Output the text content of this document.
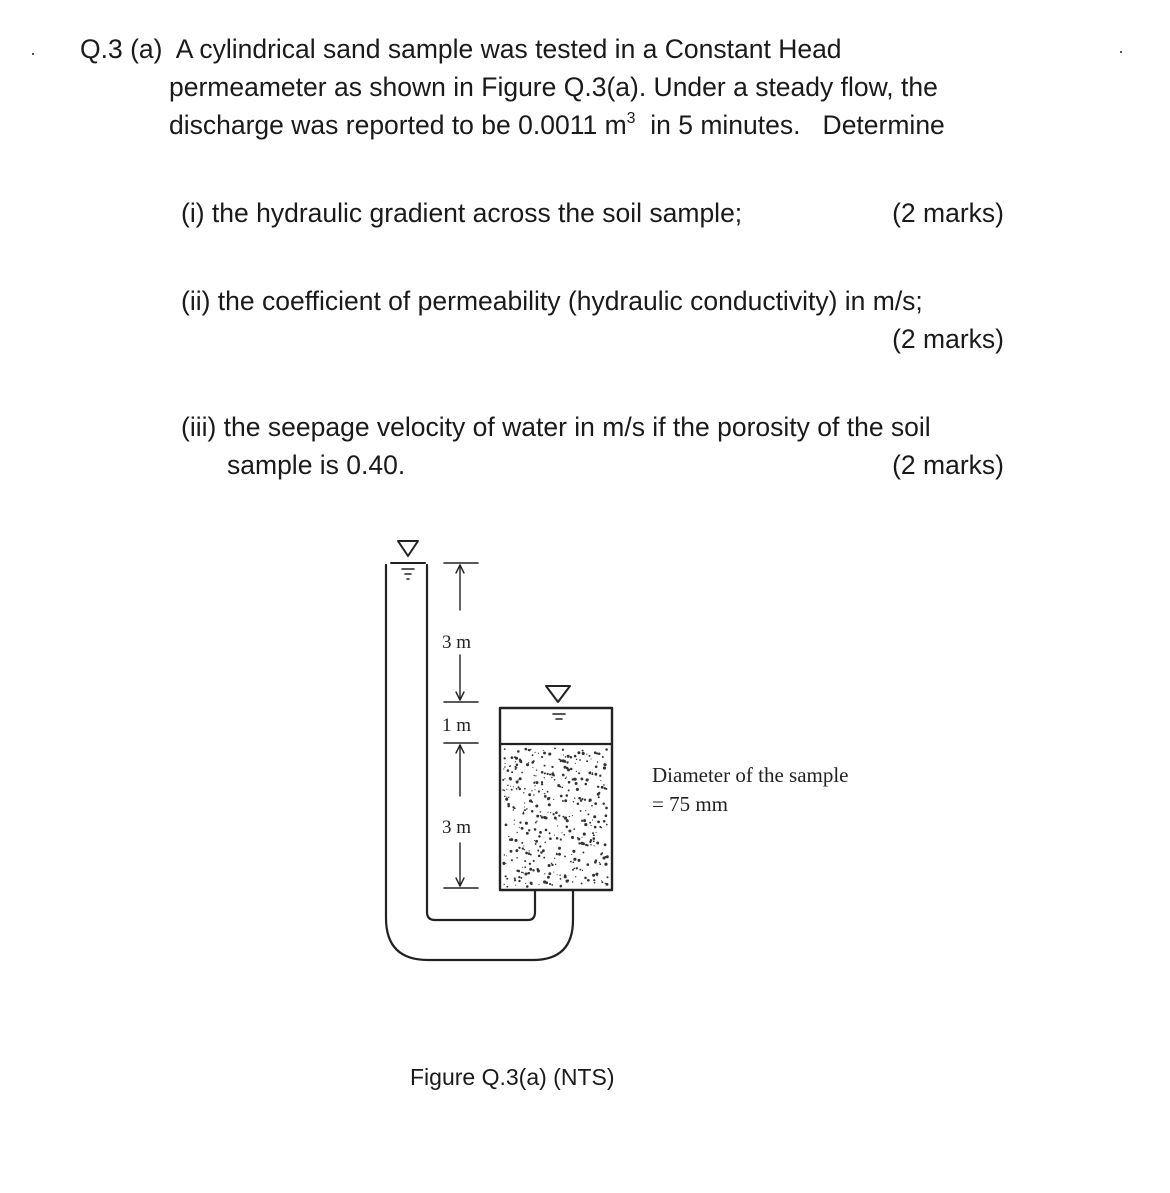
Q.3 (a) A cylindrical sand sample was tested in a Constant Head
permeameter as shown in Figure Q.3(a). Under a steady flow, the
discharge was reported to be 0.0011 $m^3$  in 5 minutes.   Determine
(i) the hydraulic gradient across the soil sample;	(2 marks)
(ii) the coefficient of permeability (hydraulic conductivity) in m/s;
(2 marks)
(iii) the seepage velocity of water in m/s if the porosity of the soil
sample is 0.40.	(2 marks)
3 m
1 m
3 m
Diameter of the sample
= 75 mm
Figure Q.3(a) (NTS)
